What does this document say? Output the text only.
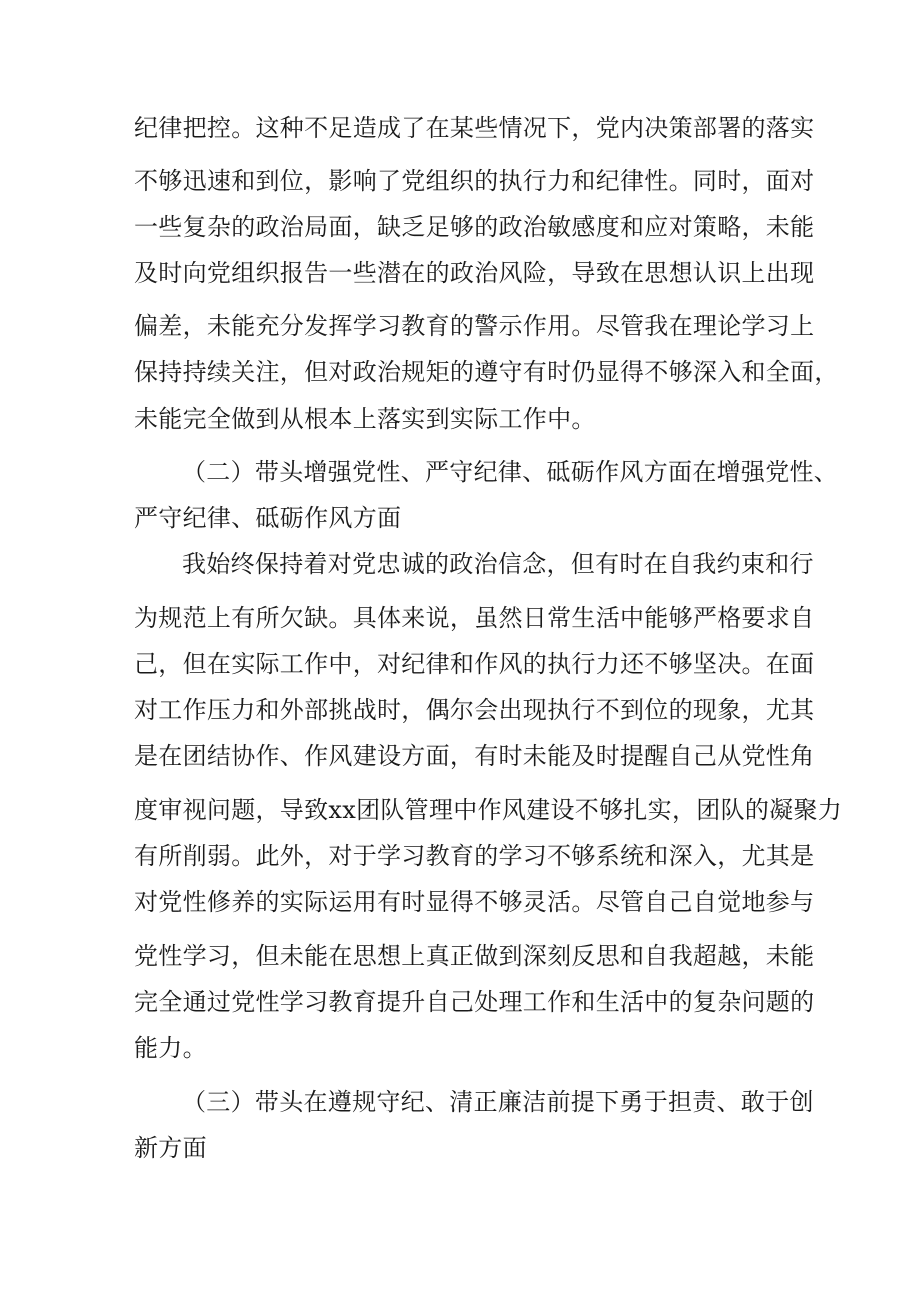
纪律把控。这种不足造成了在某些情况下，党内决策部署的落实

不够迅速和到位，影响了党组织的执行力和纪律性。同时，面对

一些复杂的政治局面，缺乏足够的政治敏感度和应对策略，未能

及时向党组织报告一些潜在的政治风险，导致在思想认识上出现

偏差，未能充分发挥学习教育的警示作用。尽管我在理论学习上

保持持续关注，但对政治规矩的遵守有时仍显得不够深入和全面，

未能完全做到从根本上落实到实际工作中。

（二）带头增强党性、严守纪律、砥砺作风方面在增强党性、

严守纪律、砥砺作风方面

我始终保持着对党忠诚的政治信念，但有时在自我约束和行

为规范上有所欠缺。具体来说，虽然日常生活中能够严格要求自

己，但在实际工作中，对纪律和作风的执行力还不够坚决。在面

对工作压力和外部挑战时，偶尔会出现执行不到位的现象，尤其

是在团结协作、作风建设方面，有时未能及时提醒自己从党性角

度审视问题，导致xx团队管理中作风建设不够扎实，团队的凝聚力

有所削弱。此外，对于学习教育的学习不够系统和深入，尤其是

对党性修养的实际运用有时显得不够灵活。尽管自己自觉地参与

党性学习，但未能在思想上真正做到深刻反思和自我超越，未能

完全通过党性学习教育提升自己处理工作和生活中的复杂问题的

能力。

（三）带头在遵规守纪、清正廉洁前提下勇于担责、敢于创

新方面
